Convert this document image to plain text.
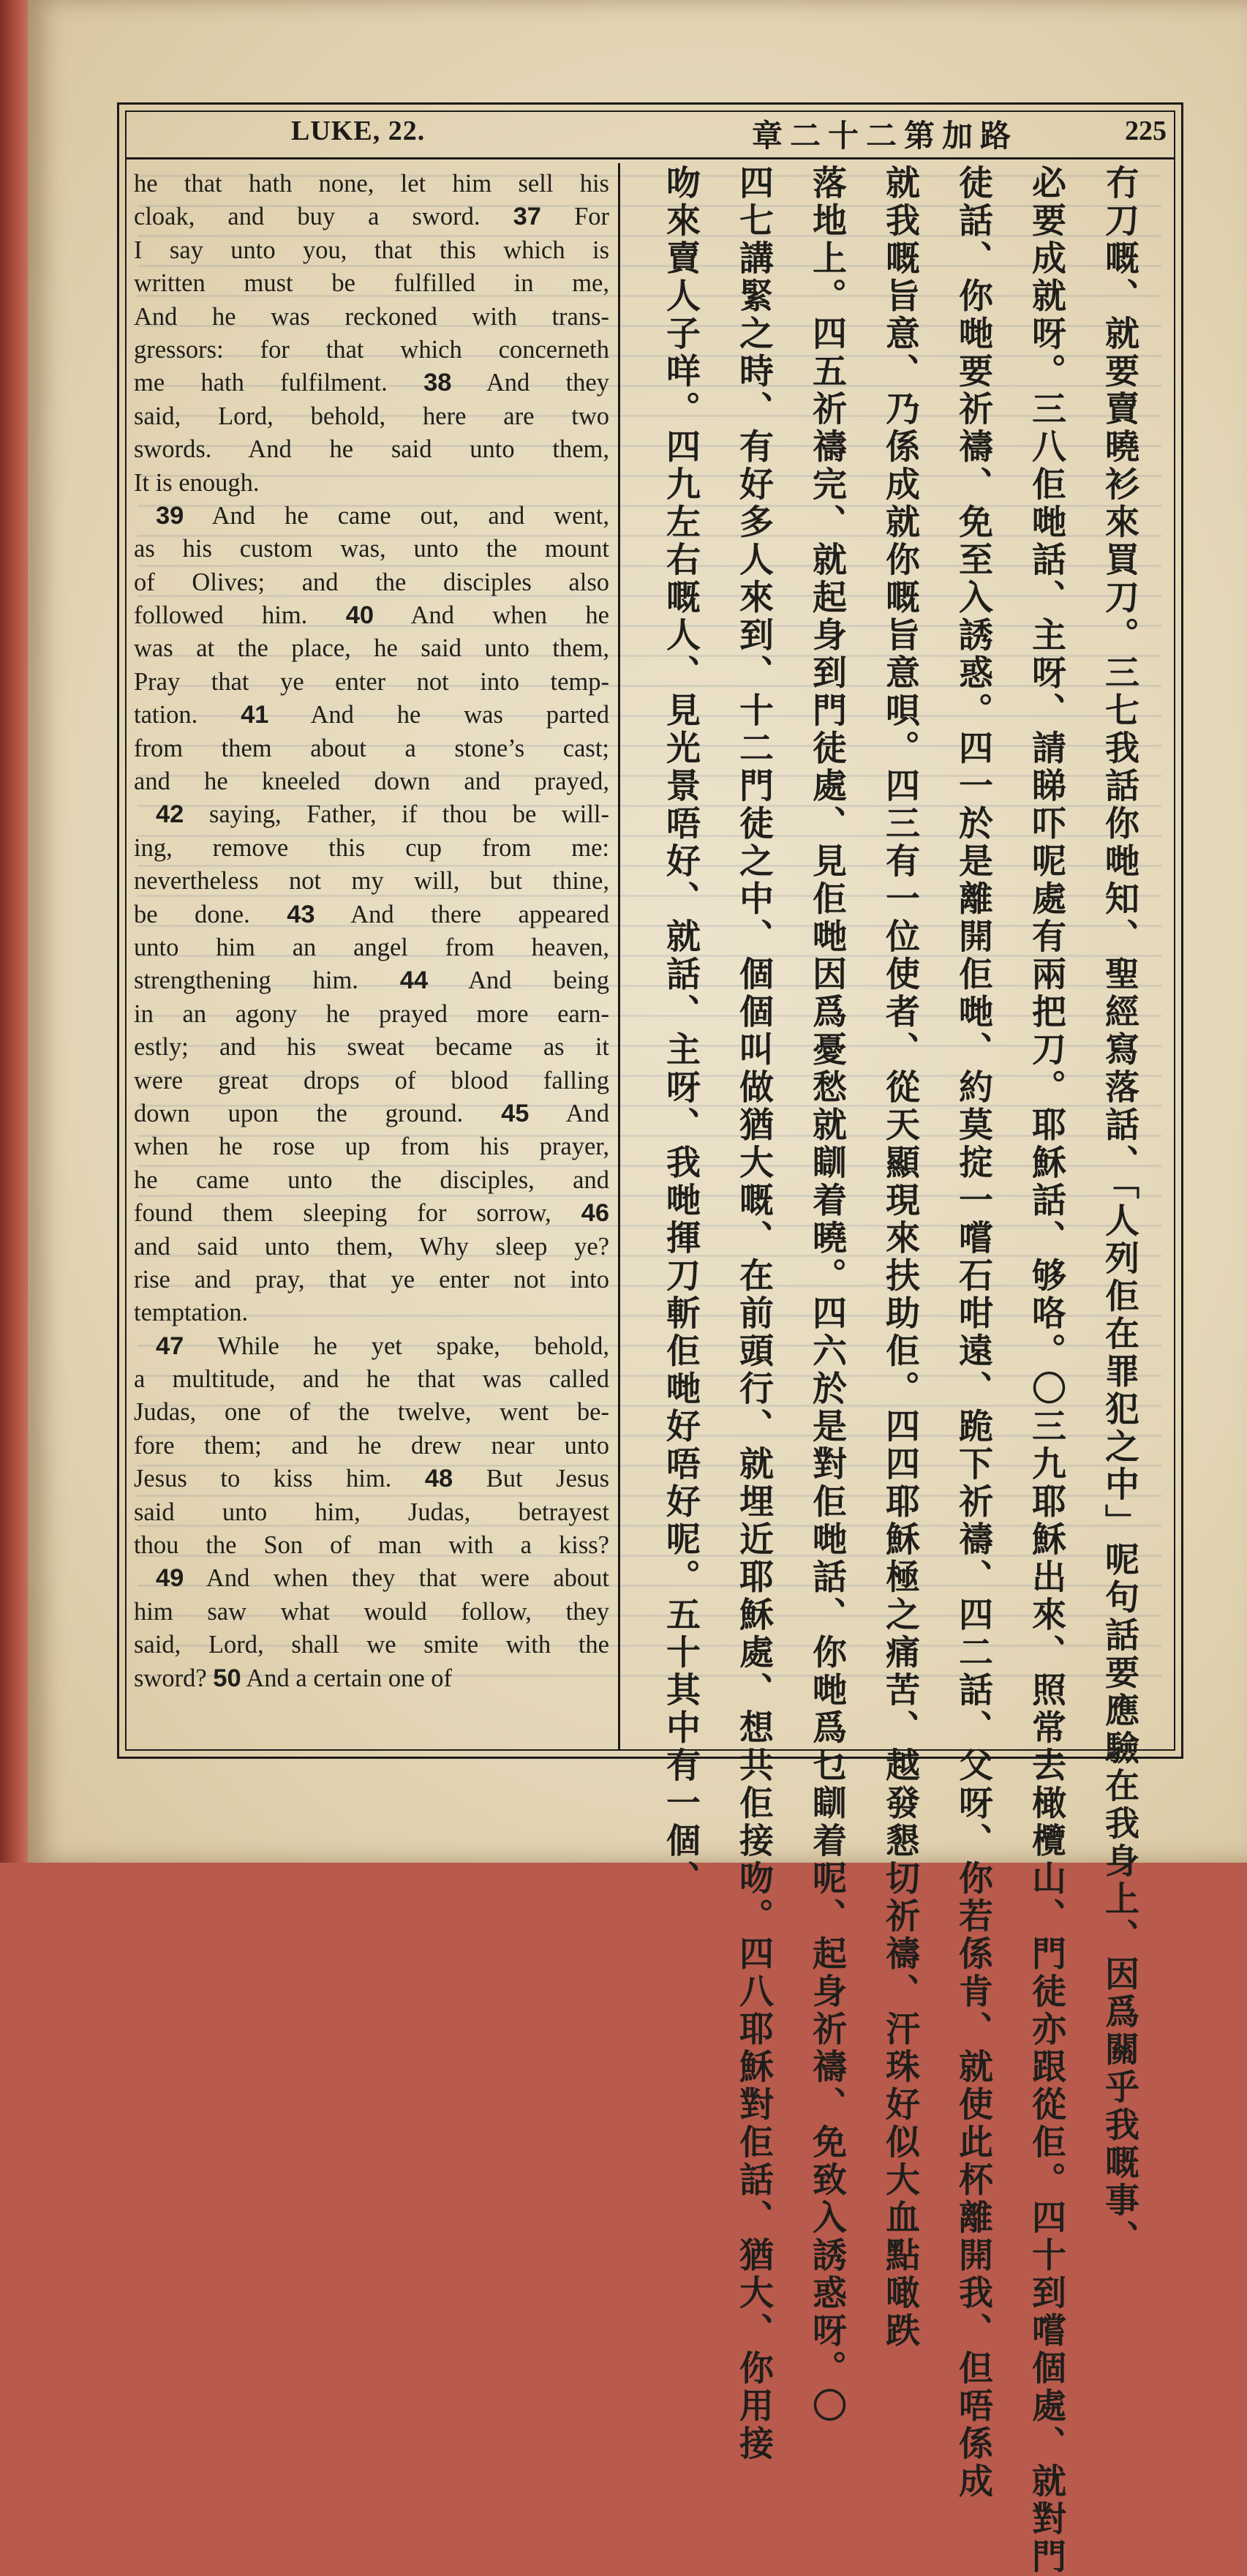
LUKE, 22.	章二十二第加路	225
he that hath none, let him sell his
cloak, and buy a sword. 37 For
I say unto you, that this which is
written must be fulfilled in me,
And he was reckoned with trans-
gressors: for that which concerneth
me hath fulfilment. 38 And they
said, Lord, behold, here are two
swords. And he said unto them,
It is enough.
39 And he came out, and went,
as his custom was, unto the mount
of Olives; and the disciples also
followed him. 40 And when he
was at the place, he said unto them,
Pray that ye enter not into temp-
tation. 41 And he was parted
from them about a stone’s cast;
and he kneeled down and prayed,
42 saying, Father, if thou be will-
ing, remove this cup from me:
nevertheless not my will, but thine,
be done. 43 And there appeared
unto him an angel from heaven,
strengthening him. 44 And being
in an agony he prayed more earn-
estly; and his sweat became as it
were great drops of blood falling
down upon the ground. 45 And
when he rose up from his prayer,
he came unto the disciples, and
found them sleeping for sorrow, 46
and said unto them, Why sleep ye?
rise and pray, that ye enter not into
temptation.
47 While he yet spake, behold,
a multitude, and he that was called
Judas, one of the twelve, went be-
fore them; and he drew near unto
Jesus to kiss him. 48 But Jesus
said unto him, Judas, betrayest
thou the Son of man with a kiss?
49 And when they that were about
him saw what would follow, they
said, Lord, shall we smite with the
sword? 50 And a certain one of	冇刀嘅、就要賣曉衫來買刀。三七我話你哋知、聖經寫落話、「人列佢在罪犯之中」呢句話要應驗在我身上、因爲關乎我嘅事、
必要成就呀。三八佢哋話、主呀、請睇吓呢處有兩把刀。耶穌話、够咯。〇三九耶穌出來、照常去橄欖山、門徒亦跟從佢。四十到嚐個處、就對門
徒話、你哋要祈禱、免至入誘惑。四一於是離開佢哋、約莫掟一嚐石咁遠、跪下祈禱、四二話、父呀、你若係肯、就使此杯離開我、但唔係成
就我嘅旨意、乃係成就你嘅旨意唄。四三有一位使者、從天顯現來扶助佢。四四耶穌極之痛苦、越發懇切祈禱、汗珠好似大血點噉跌
落地上。四五祈禱完、就起身到門徒處、見佢哋因爲憂愁就瞓着曉。四六於是對佢哋話、你哋爲乜瞓着呢、起身祈禱、免致入誘惑呀。〇
四七講緊之時、有好多人來到、十二門徒之中、個個叫做猶大嘅、在前頭行、就埋近耶穌處、想共佢接吻。四八耶穌對佢話、猶大、你用接
吻來賣人子咩。四九左右嘅人、見光景唔好、就話、主呀、我哋揮刀斬佢哋好唔好呢。五十其中有一個、
